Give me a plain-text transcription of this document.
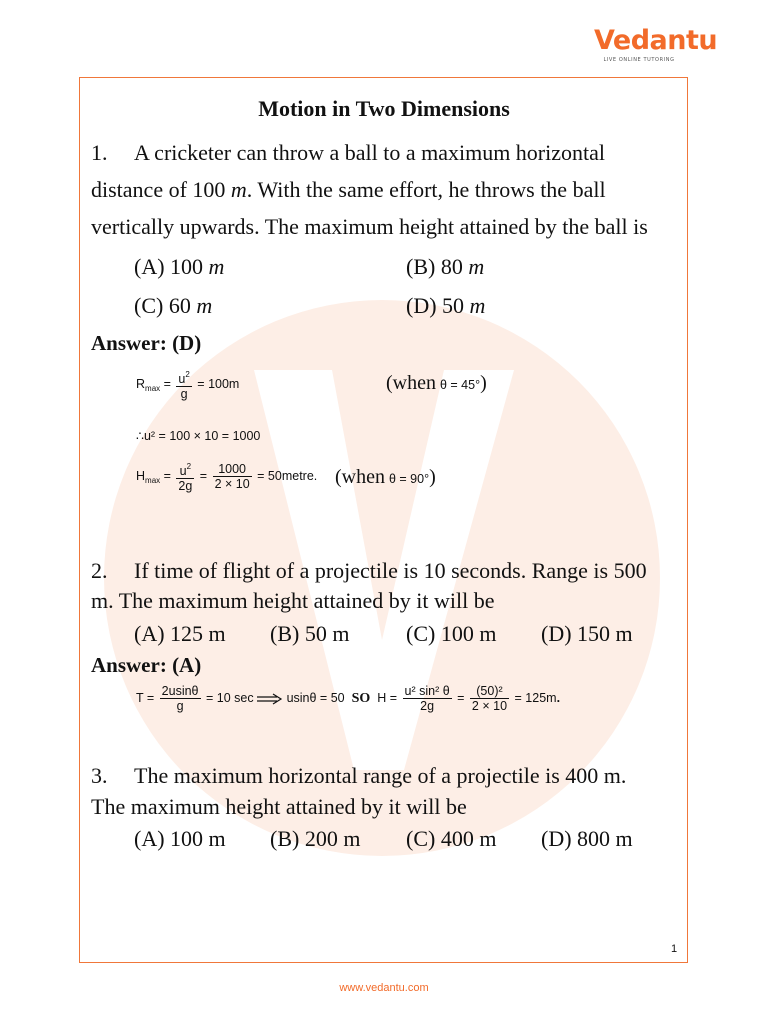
Vedantu
LIVE ONLINE TUTORING
Motion in Two Dimensions
1. A cricketer can throw a ball to a maximum horizontal
distance of 100 m. With the same effort, he throws the ball
vertically upwards. The maximum height attained by the ball is
(A) 100 m	(B) 80 m
(C) 60 m	(D) 50 m
Answer: (D)
$R_{max} = \frac{u^2}{g} = 100m$	(when θ = 45°)
∴u² = 100 × 10 = 1000
$H_{max} = \frac{u^2}{2g} = \frac{1000}{2 \times 10}$ = 50metre. (when θ = 90°)
2. If time of flight of a projectile is 10 seconds. Range is 500
m. The maximum height attained by it will be
(A) 125 m (B) 50 m	(C) 100 m (D) 150 m
Answer: (A)
$T = \frac{2usin\theta}{g} = 10$ sec	usinθ = 50 SO $H = \frac{\text{u² sin² θ}}{2g} = \frac{\text{(50)²}}{2 \times 10} = 125m$.
3. The maximum horizontal range of a projectile is 400 m.
The maximum height attained by it will be
(A) 100 m (B) 200 m (C) 400 m (D) 800 m
1
www.vedantu.com
